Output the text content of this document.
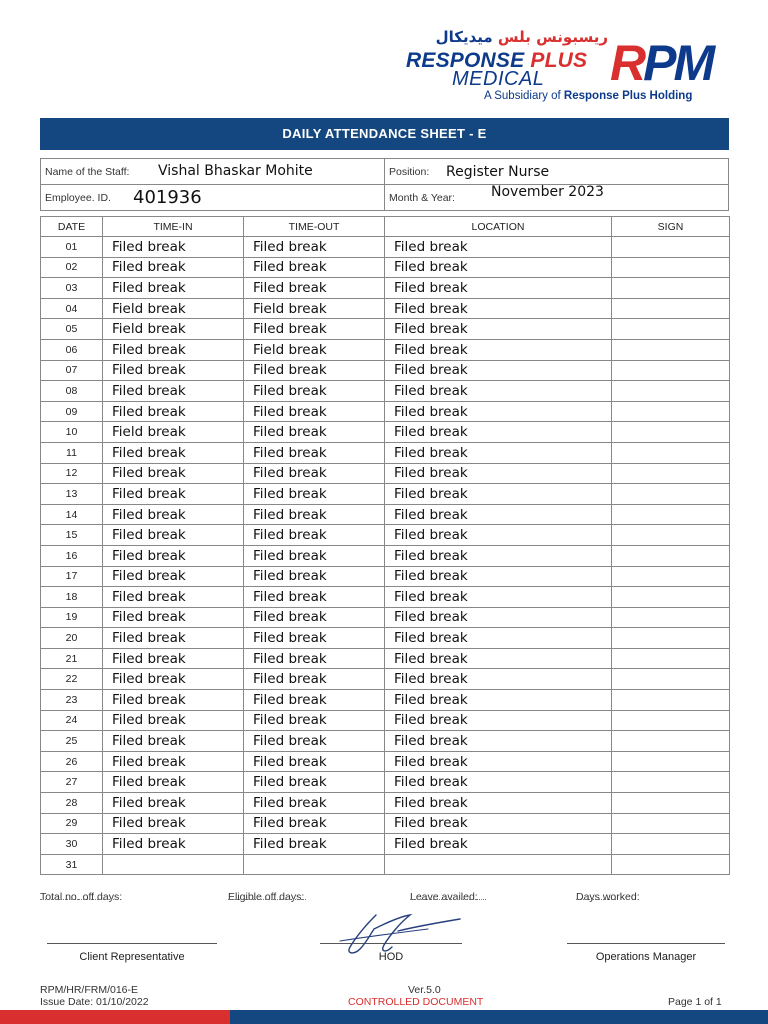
ريسبونس بلس ميديكال
RESPONSE PLUS
MEDICAL RPM
A Subsidiary of Response Plus Holding
DAILY ATTENDANCE SHEET - E
Name of the Staff: Vishal Bhaskar Mohite	Position: Register Nurse
Employee. ID. 401936	Month & Year:	November 2023
DATE	TIME-IN	TIME-OUT	LOCATION	SIGN
01	Filed break	Filed break	Filed break	
02	Filed break	Filed break	Filed break	
03	Filed break	Filed break	Filed break	
04	Field break	Field break	Filed break	
05	Field break	Filed break	Filed break	
06	Filed break	Field break	Filed break	
07	Filed break	Filed break	Filed break	
08	Filed break	Filed break	Filed break	
09	Filed break	Filed break	Filed break	
10	Field break	Filed break	Filed break	
11	Filed break	Filed break	Filed break	
12	Filed break	Filed break	Filed break	
13	Filed break	Filed break	Filed break	
14	Filed break	Filed break	Filed break	
15	Filed break	Filed break	Filed break	
16	Filed break	Filed break	Filed break	
17	Filed break	Filed break	Filed break	
18	Filed break	Filed break	Filed break	
19	Filed break	Filed break	Filed break	
20	Filed break	Filed break	Filed break	
21	Filed break	Filed break	Filed break	
22	Filed break	Filed break	Filed break	
23	Filed break	Filed break	Filed break	
24	Filed break	Filed break	Filed break	
25	Filed break	Filed break	Filed break	
26	Filed break	Filed break	Filed break	
27	Filed break	Filed break	Filed break	
28	Filed break	Filed break	Filed break	
29	Filed break	Filed break	Filed break	
30	Filed break	Filed break	Filed break	
31				
Total no. off days:	Eligible off days:	Leave availed:	Days worked:
Client Representative	HOD	Operations Manager
RPM/HR/FRM/016-E
Issue Date: 01/10/2022
Ver.5.0
CONTROLLED DOCUMENT	Page 1 of 1
